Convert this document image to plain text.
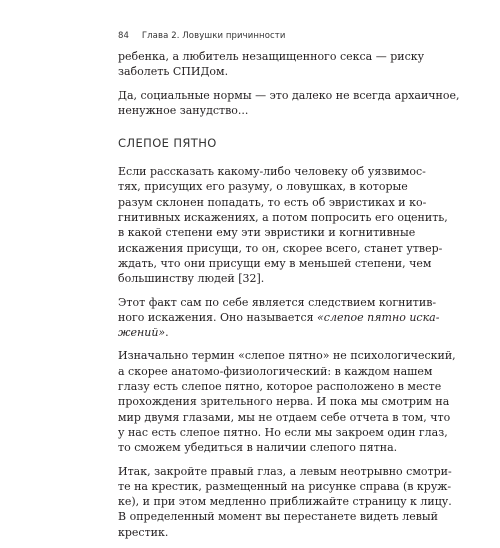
84 Глава 2. Ловушки причинности

ребенка, а любитель незащищенного секса — риску
заболеть СПИДом.

Да, социальные нормы — это далеко не всегда архаичное,
ненужное занудство...

СЛЕПОЕ ПЯТНО

Если рассказать какому-либо человеку об уязвимос-
тях, присущих его разуму, о ловушках, в которые
разум склонен попадать, то есть об эвристиках и ко-
гнитивных искажениях, а потом попросить его оценить,
в какой степени ему эти эвристики и когнитивные
искажения присущи, то он, скорее всего, станет утвер-
ждать, что они присущи ему в меньшей степени, чем
большинству людей [32].

Этот факт сам по себе является следствием когнитив-
ного искажения. Оно называется «слепое пятно иска-
жений».

Изначально термин «слепое пятно» не психологический,
а скорее анатомо-физиологический: в каждом нашем
глазу есть слепое пятно, которое расположено в месте
прохождения зрительного нерва. И пока мы смотрим на
мир двумя глазами, мы не отдаем себе отчета в том, что
у нас есть слепое пятно. Но если мы закроем один глаз,
то сможем убедиться в наличии слепого пятна.

Итак, закройте правый глаз, а левым неотрывно смотри-
те на крестик, размещенный на рисунке справа (в круж-
ке), и при этом медленно приближайте страницу к лицу.
В определенный момент вы перестанете видеть левый
крестик.
